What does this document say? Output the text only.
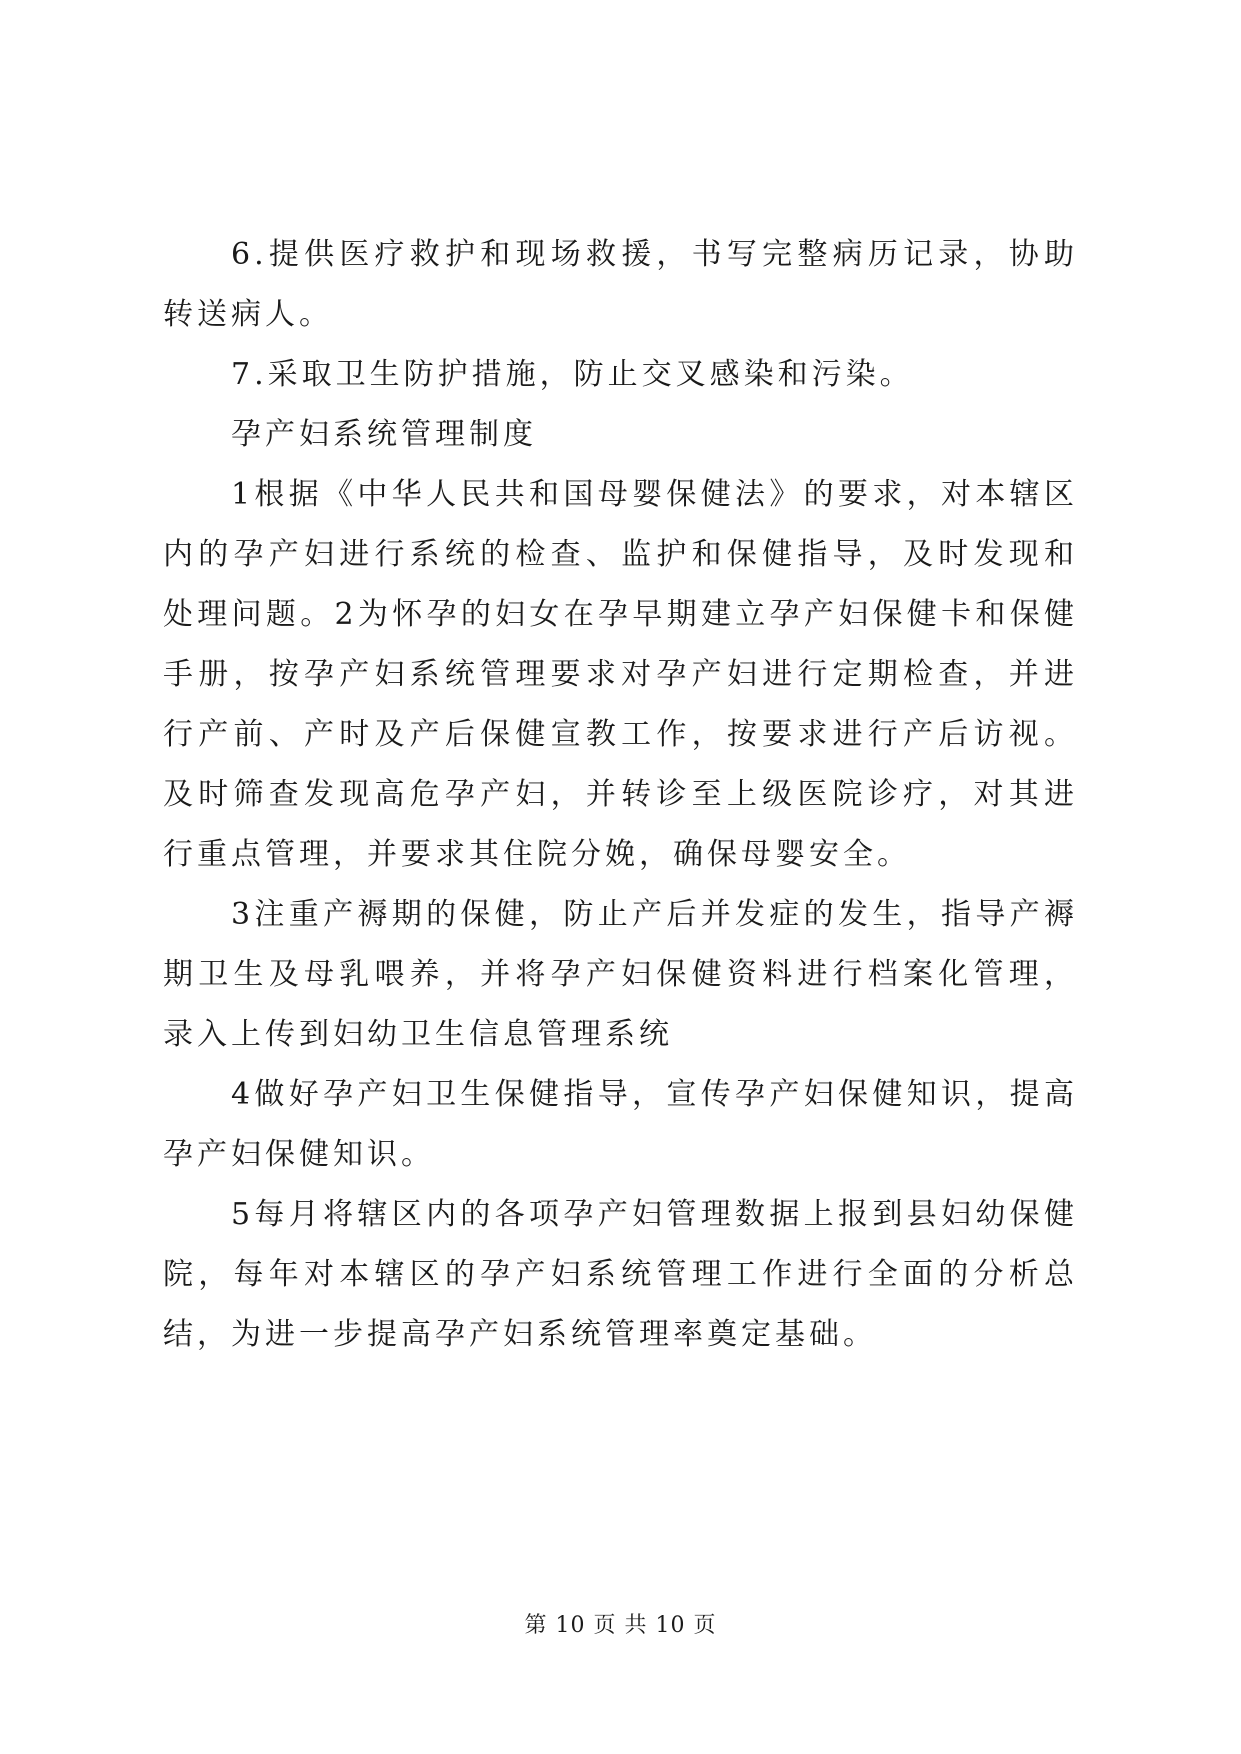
6.提供医疗救护和现场救援，书写完整病历记录，协助转送病人。

7.采取卫生防护措施，防止交叉感染和污染。

孕产妇系统管理制度

1根据《中华人民共和国母婴保健法》的要求，对本辖区内的孕产妇进行系统的检查、监护和保健指导，及时发现和处理问题。2为怀孕的妇女在孕早期建立孕产妇保健卡和保健手册，按孕产妇系统管理要求对孕产妇进行定期检查，并进行产前、产时及产后保健宣教工作，按要求进行产后访视。及时筛查发现高危孕产妇，并转诊至上级医院诊疗，对其进行重点管理，并要求其住院分娩，确保母婴安全。

3注重产褥期的保健，防止产后并发症的发生，指导产褥期卫生及母乳喂养，并将孕产妇保健资料进行档案化管理，录入上传到妇幼卫生信息管理系统

4做好孕产妇卫生保健指导，宣传孕产妇保健知识，提高孕产妇保健知识。

5每月将辖区内的各项孕产妇管理数据上报到县妇幼保健院，每年对本辖区的孕产妇系统管理工作进行全面的分析总结，为进一步提高孕产妇系统管理率奠定基础。

第 10 页 共 10 页
